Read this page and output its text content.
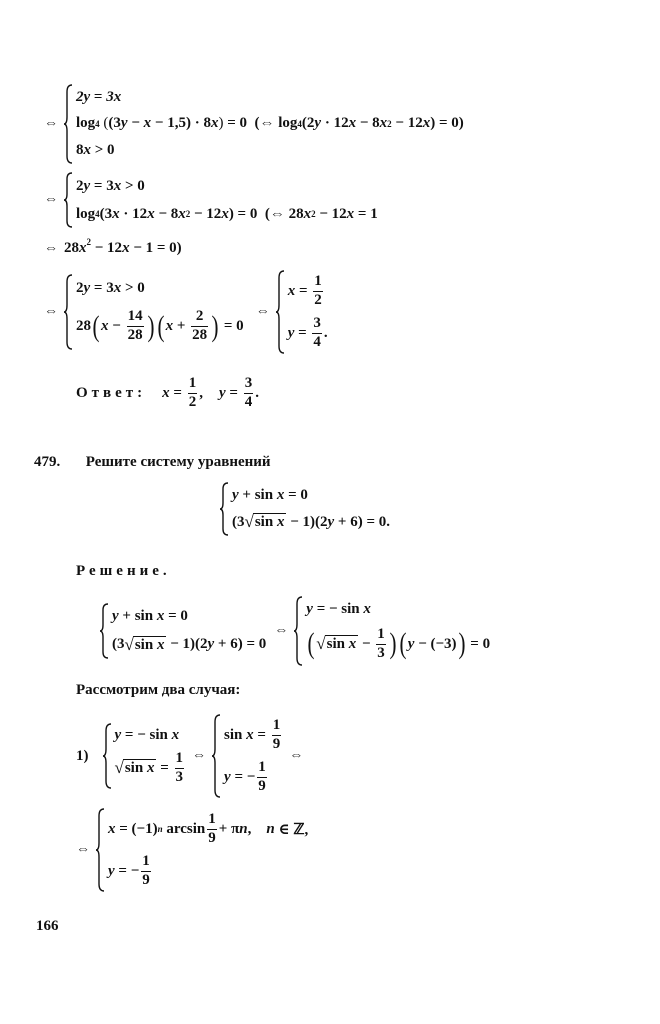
⇔
2y = 3x
log 4
( (3 y − x − 1,5) · 8 x ) = 0  (⇔ log 4 (2 y · 12 x − 8 x 2 − 12 x ) = 0)
8 x > 0
⇔
2 y = 3 x > 0
log 4 (3 x · 12 x − 8 x 2 − 12 x ) = 0  (⇔ 28 x 2 − 12 x = 1
⇔ $28x^2 - 12x - 1 = 0$)
⇔
2 y = 3 x > 0
28 ( $x - \frac{14}{28}$ ) ( $x + \frac{2}{28}$ ) = 0
⇔
$x = \frac{1}{2}$
$y = \frac{3}{4}$ .
Ответ: $x = \frac{1}{2}$ , $y = \frac{3}{4}$ .
479. Решите систему уравнений
y + sin x = 0
(3 √ sin x − 1)(2 y + 6) = 0.
Решение.
y + sin x = 0
(3 √ sin x − 1)(2 y + 6) = 0
⇔
y = − sin x
( √ $\sin x - \frac{1}{3}$ ) ( y − (−3) ) = 0
Рассмотрим два случая:
1)
y = − sin x
√ $\sin x = \frac{1}{3}$ ⇔
$\sin x = \frac{1}{9}$
y = − $\frac{1}{9}$
⇔
⇔
x = (−1) n $\arcsin \frac{1}{9} + \pi$ n , n ∈ ℤ,
y = − $\frac{1}{9}$
166
